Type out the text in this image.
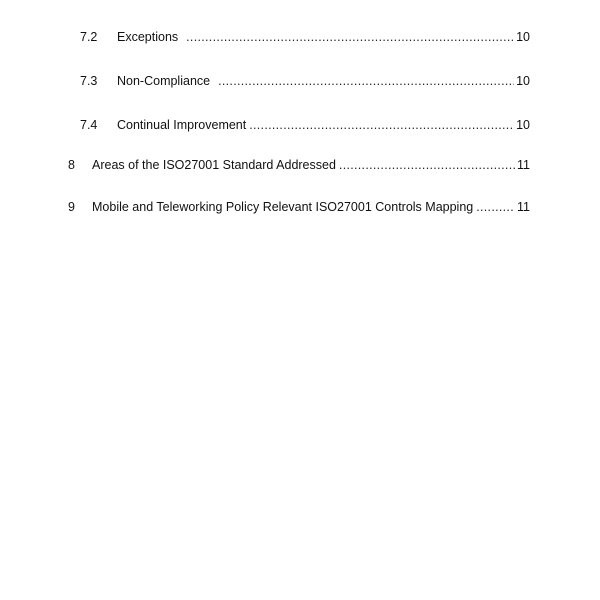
7.2	Exceptions .....	10
7.3	Non-Compliance .....	10
7.4	Continual Improvement .....	10
8	Areas of the ISO27001 Standard Addressed .....	11
9	Mobile and Teleworking Policy Relevant ISO27001 Controls Mapping .....	11
